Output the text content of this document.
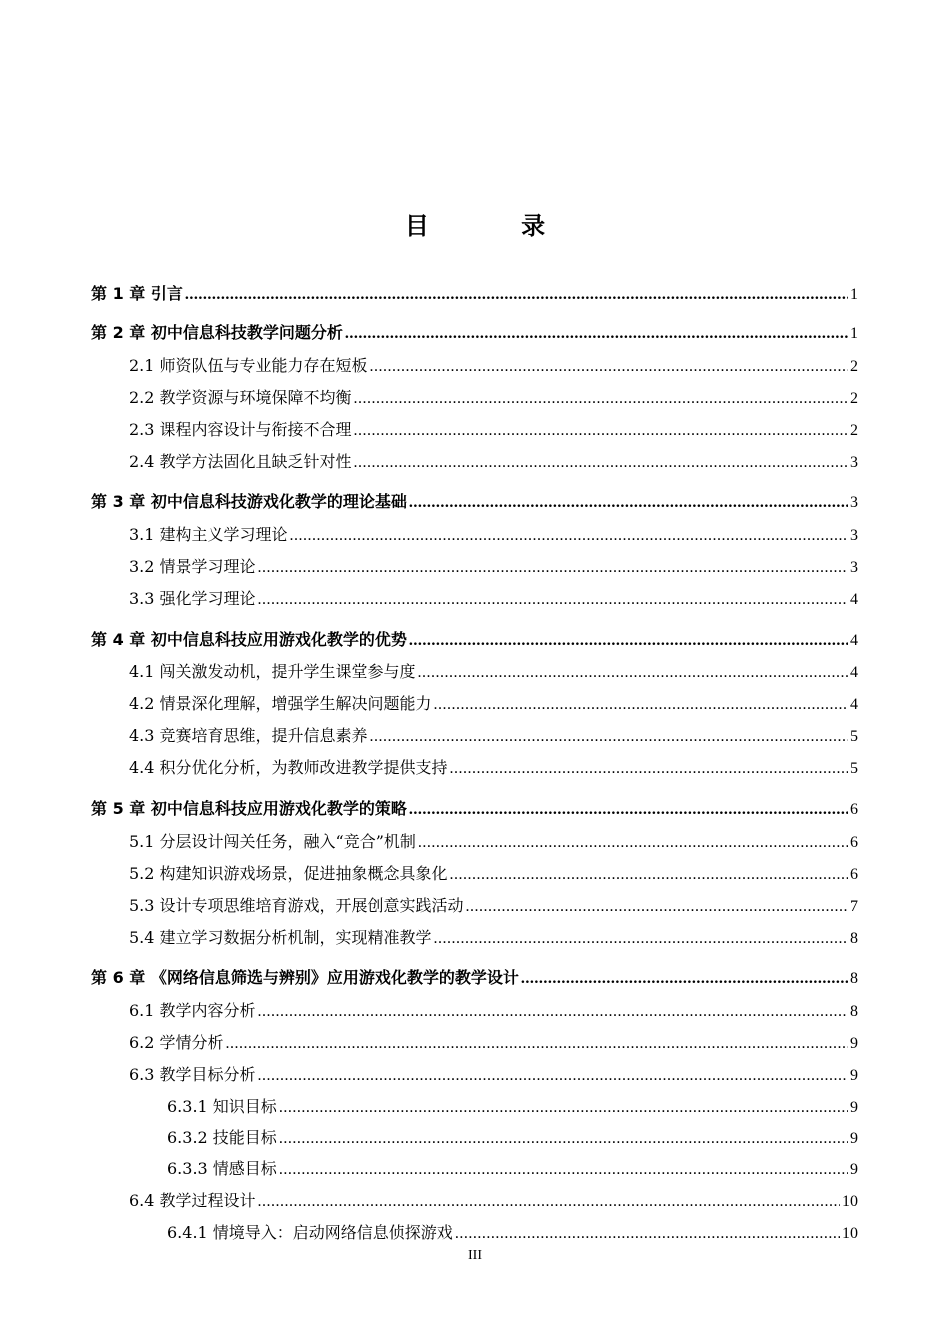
目 录
第 1 章 引言 .....	1
第 2 章 初中信息科技教学问题分析 .....	1
2.1 师资队伍与专业能力存在短板 .....	2
2.2 教学资源与环境保障不均衡 .....	2
2.3 课程内容设计与衔接不合理 .....	2
2.4 教学方法固化且缺乏针对性 .....	3
第 3 章 初中信息科技游戏化教学的理论基础 .....	3
3.1 建构主义学习理论 .....	3
3.2 情景学习理论 .....	3
3.3 强化学习理论 .....	4
第 4 章 初中信息科技应用游戏化教学的优势 .....	4
4.1 闯关激发动机，提升学生课堂参与度 .....	4
4.2 情景深化理解，增强学生解决问题能力 .....	4
4.3 竞赛培育思维，提升信息素养 .....	5
4.4 积分优化分析，为教师改进教学提供支持 .....	5
第 5 章 初中信息科技应用游戏化教学的策略 .....	6
5.1 分层设计闯关任务，融入“竞合”机制 .....	6
5.2 构建知识游戏场景，促进抽象概念具象化 .....	6
5.3 设计专项思维培育游戏，开展创意实践活动 .....	7
5.4 建立学习数据分析机制，实现精准教学 .....	8
第 6 章 《网络信息筛选与辨别》应用游戏化教学的教学设计 .....	8
6.1 教学内容分析 .....	8
6.2 学情分析 .....	9
6.3 教学目标分析 .....	9
6.3.1 知识目标 .....	9
6.3.2 技能目标 .....	9
6.3.3 情感目标 .....	9
6.4 教学过程设计 .....	10
6.4.1 情境导入：启动网络信息侦探游戏 .....	10
III
